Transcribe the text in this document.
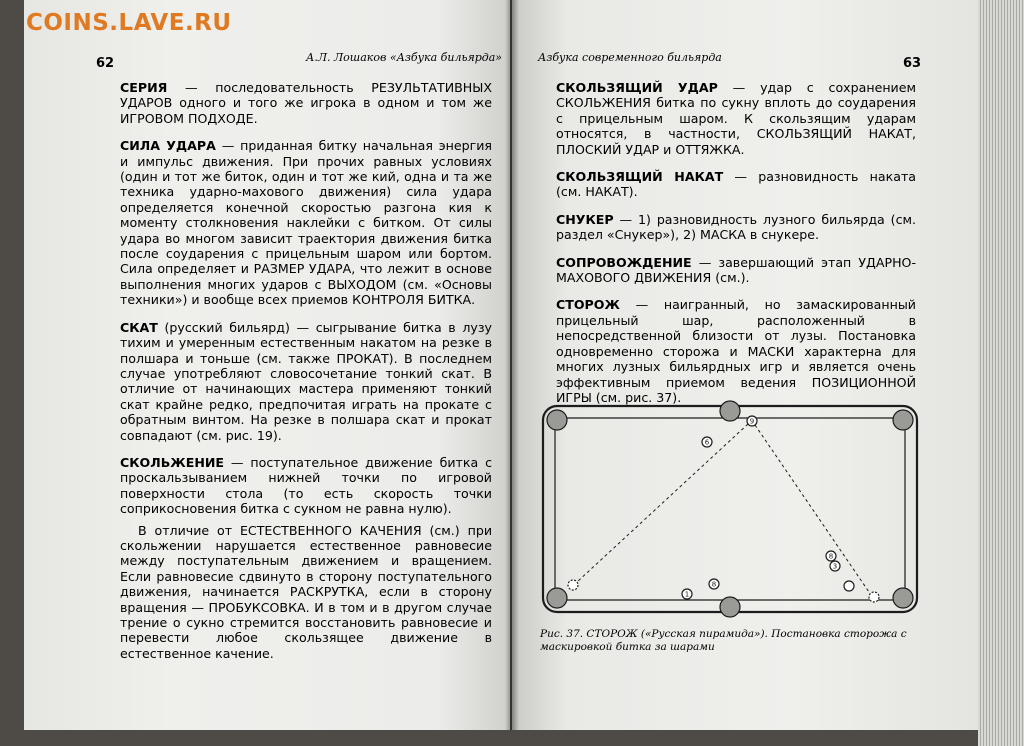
COINS.LAVE.RU
62	А.Л. Лошаков «Азбука бильярда»

СЕРИЯ — последовательность РЕЗУЛЬТАТИВНЫХ УДАРОВ одного и того же игрока в одном и том же ИГРОВОМ ПОДХОДЕ.

СИЛА УДАРА — приданная битку начальная энергия и импульс движения. При прочих равных условиях (один и тот же биток, один и тот же кий, одна и та же техника ударно-махового движения) сила удара определяется конечной скоростью разгона кия к моменту столкновения наклейки с битком. От силы удара во многом зависит траектория движения битка после соударения с прицельным шаром или бортом. Сила определяет и РАЗМЕР УДАРА, что лежит в основе выполнения многих ударов с ВЫХОДОМ (см. «Основы техники») и вообще всех приемов КОНТРОЛЯ БИТКА.

СКАТ (русский бильярд) — сыгрывание битка в лузу тихим и умеренным естественным накатом на резке в полшара и тоньше (см. также ПРОКАТ). В последнем случае употребляют словосочетание тонкий скат. В отличие от начинающих мастера применяют тонкий скат крайне редко, предпочитая играть на прокате с обратным винтом. На резке в полшара скат и прокат совпадают (см. рис. 19).

СКОЛЬЖЕНИЕ — поступательное движение битка с проскальзыванием нижней точки по игровой поверхности стола (то есть скорость точки соприкосновения битка с сукном не равна нулю).

В отличие от ЕСТЕСТВЕННОГО КАЧЕНИЯ (см.) при скольжении нарушается естественное равновесие между поступательным движением и вращением. Если равновесие сдвинуто в сторону поступательного движения, начинается РАСКРУТКА, если в сторону вращения — ПРОБУКСОВКА. И в том и в другом случае трение о сукно стремится восстановить равновесие и перевести любое скользящее движение в естественное качение.

Азбука современного бильярда	63

СКОЛЬЗЯЩИЙ УДАР — удар с сохранением СКОЛЬЖЕНИЯ битка по сукну вплоть до соударения с прицельным шаром. К скользящим ударам относятся, в частности, СКОЛЬЗЯЩИЙ НАКАТ, ПЛОСКИЙ УДАР и ОТТЯЖКА.

СКОЛЬЗЯЩИЙ НАКАТ — разновидность наката (см. НАКАТ).

СНУКЕР — 1) разновидность лузного бильярда (см. раздел «Снукер»), 2) МАСКА в снукере.

СОПРОВОЖДЕНИЕ — завершающий этап УДАРНО-МАХОВОГО ДВИЖЕНИЯ (см.).

СТОРОЖ — наигранный, но замаскированный прицельный шар, расположенный в непосредственной близости от лузы. Постановка одновременно сторожа и МАСКИ характерна для многих лузных бильярдных игр и является очень эффективным приемом ведения ПОЗИЦИОННОЙ ИГРЫ (см. рис. 37).

9
6
8
1
8
3
Рис. 37. СТОРОЖ («Русская пирамида»). Постановка сторожа с маскировкой битка за шарами
